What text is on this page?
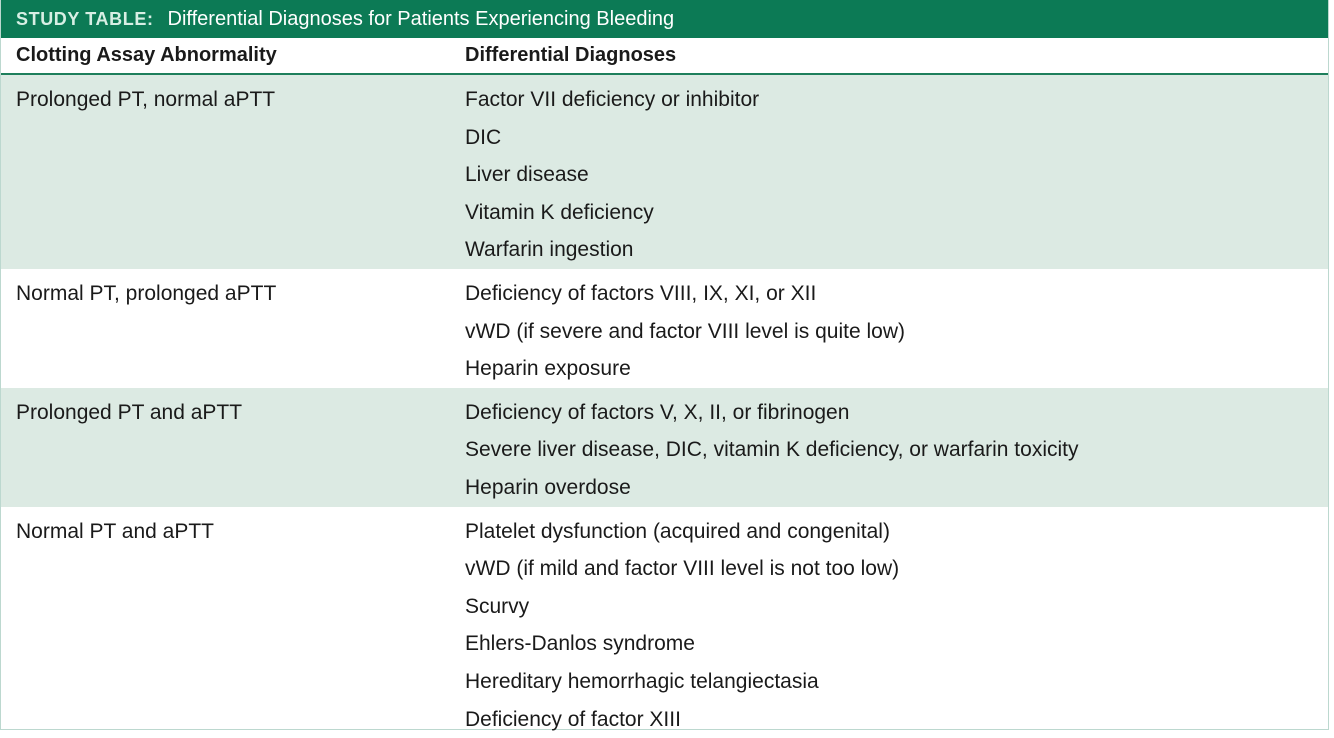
STUDY TABLE: Differential Diagnoses for Patients Experiencing Bleeding
Clotting Assay Abnormality	Differential Diagnoses
Prolonged PT, normal aPTT	Factor VII deficiency or inhibitor
DIC
Liver disease
Vitamin K deficiency
Warfarin ingestion
Normal PT, prolonged aPTT	Deficiency of factors VIII, IX, XI, or XII
vWD (if severe and factor VIII level is quite low)
Heparin exposure
Prolonged PT and aPTT	Deficiency of factors V, X, II, or fibrinogen
Severe liver disease, DIC, vitamin K deficiency, or warfarin toxicity
Heparin overdose
Normal PT and aPTT	Platelet dysfunction (acquired and congenital)
vWD (if mild and factor VIII level is not too low)
Scurvy
Ehlers-Danlos syndrome
Hereditary hemorrhagic telangiectasia
Deficiency of factor XIII
